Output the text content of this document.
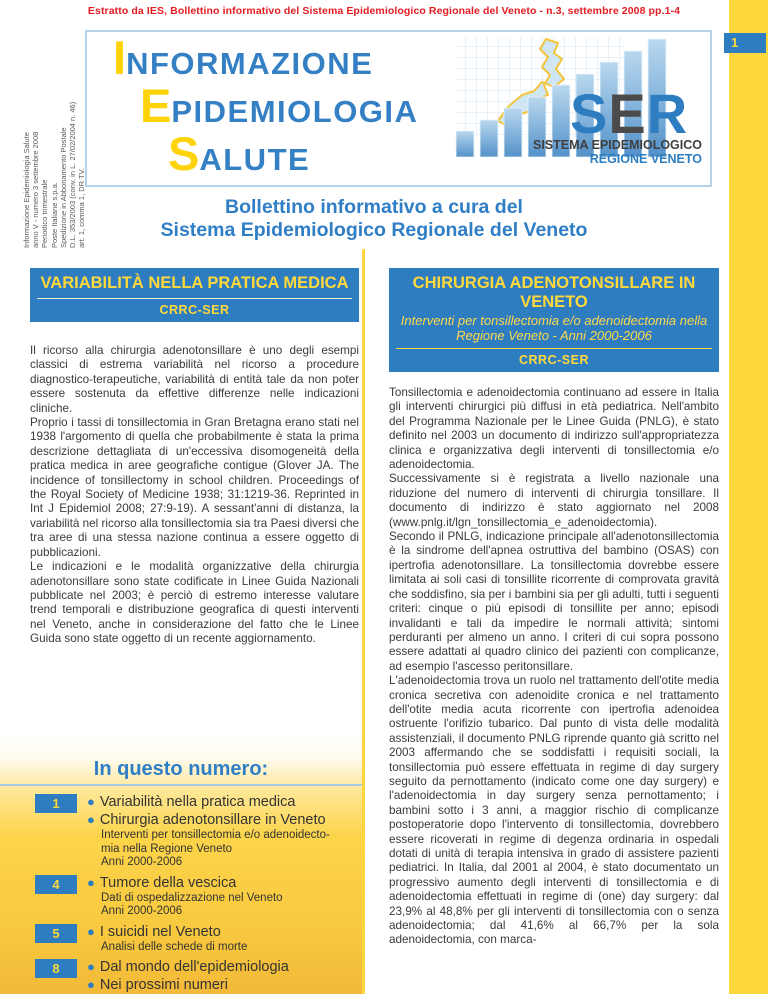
Estratto da IES, Bollettino informativo del Sistema Epidemiologico Regionale del Veneto - n.3, settembre 2008 pp.1-4
1
INFORMAZIONE
EPIDEMIOLOGIA
SALUTE
SER
SISTEMA EPIDEMIOLOGICO
REGIONE VENETO
Informazione Epidemiologia Salute anno V - numero 3 settembre 2008 Periodico trimestrale Poste Italiane s.p.a. Spedizione in Abbonamento Postale D.L. 353/2003 (conv. in L. 27/02/2004 n. 46) art. 1, comma 1, DR TV.	Bollettino informativo a cura del
Sistema Epidemiologico Regionale del Veneto
In questo numero:
1	● Variabilità nella pratica medica
● Chirurgia adenotonsillare in Veneto
Interventi per tonsillectomia e/o adenoidecto-
mia nella Regione Veneto
Anni 2000-2006
4	● Tumore della vescica
Dati di ospedalizzazione nel Veneto
Anni 2000-2006
5	● I suicidi nel Veneto
Analisi delle schede di morte
8	● Dal mondo dell'epidemiologia
● Nei prossimi numeri
VARIABILITÀ NELLA PRATICA MEDICA
CRRC-SER

Il ricorso alla chirurgia adenotonsillare è uno degli esempi classici di estrema variabilità nel ricorso a procedure diagnostico-terapeutiche, variabilità di entità tale da non poter essere sostenuta da effettive differenze nelle indicazioni cliniche.

Proprio i tassi di tonsillectomia in Gran Bretagna erano stati nel 1938 l'argomento di quella che probabilmente è stata la prima descrizione dettagliata di un'eccessiva disomogeneità della pratica medica in aree geografiche contigue (Glover JA. The incidence of tonsillectomy in school children. Proceedings of the Royal Society of Medicine 1938; 31:1219-36. Reprinted in Int J Epidemiol 2008; 27:9-19). A sessant'anni di distanza, la variabilità nel ricorso alla tonsillectomia sia tra Paesi diversi che tra aree di una stessa nazione continua a essere oggetto di pubblicazioni.

Le indicazioni e le modalità organizzative della chirurgia adenotonsillare sono state codificate in Linee Guida Nazionali pubblicate nel 2003; è perciò di estremo interesse valutare trend temporali e distribuzione geografica di questi interventi nel Veneto, anche in considerazione del fatto che le Linee Guida sono state oggetto di un recente aggiornamento.

CHIRURGIA ADENOTONSILLARE IN VENETO
Interventi per tonsillectomia e/o adenoidectomia nella Regione Veneto - Anni 2000-2006
CRRC-SER

Tonsillectomia e adenoidectomia continuano ad essere in Italia gli interventi chirurgici più diffusi in età pediatrica. Nell'ambito del Programma Nazionale per le Linee Guida (PNLG), è stato definito nel 2003 un documento di indirizzo sull'appropriatezza clinica e organizzativa degli interventi di tonsillectomia e/o adenoidectomia.

Successivamente si è registrata a livello nazionale una riduzione del numero di interventi di chirurgia tonsillare. Il documento di indirizzo è stato aggiornato nel 2008 (www.pnlg.it/lgn_tonsillectomia_e_adenoidectomia).

Secondo il PNLG, indicazione principale all'adenotonsillectomia è la sindrome dell'apnea ostruttiva del bambino (OSAS) con ipertrofia adenotonsillare. La tonsillectomia dovrebbe essere limitata ai soli casi di tonsillite ricorrente di comprovata gravità che soddisfino, sia per i bambini sia per gli adulti, tutti i seguenti criteri: cinque o più episodi di tonsillite per anno; episodi invalidanti e tali da impedire le normali attività; sintomi perduranti per almeno un anno. I criteri di cui sopra possono essere adattati al quadro clinico dei pazienti con complicanze, ad esempio l'ascesso peritonsillare.

L'adenoidectomia trova un ruolo nel trattamento dell'otite media cronica secretiva con adenoidite cronica e nel trattamento dell'otite media acuta ricorrente con ipertrofia adenoidea ostruente l'orifizio tubarico. Dal punto di vista delle modalità assistenziali, il documento PNLG riprende quanto già scritto nel 2003 affermando che se soddisfatti i requisiti sociali, la tonsillectomia può essere effettuata in regime di day surgery seguito da pernottamento (indicato come one day surgery) e l'adenoidectomia in day surgery senza pernottamento; i bambini sotto i 3 anni, a maggior rischio di complicanze postoperatorie dopo l'intervento di tonsillectomia, dovrebbero essere ricoverati in regime di degenza ordinaria in ospedali dotati di unità di terapia intensiva in grado di assistere pazienti pediatrici. In Italia, dal 2001 al 2004, è stato documentato un progressivo aumento degli interventi di tonsillectomia e di adenoidectomia effettuati in regime di (one) day surgery: dal 23,9% al 48,8% per gli interventi di tonsillectomia con o senza adenoidectomia; dal 41,6% al 66,7% per la sola adenoidectomia, con marca-
